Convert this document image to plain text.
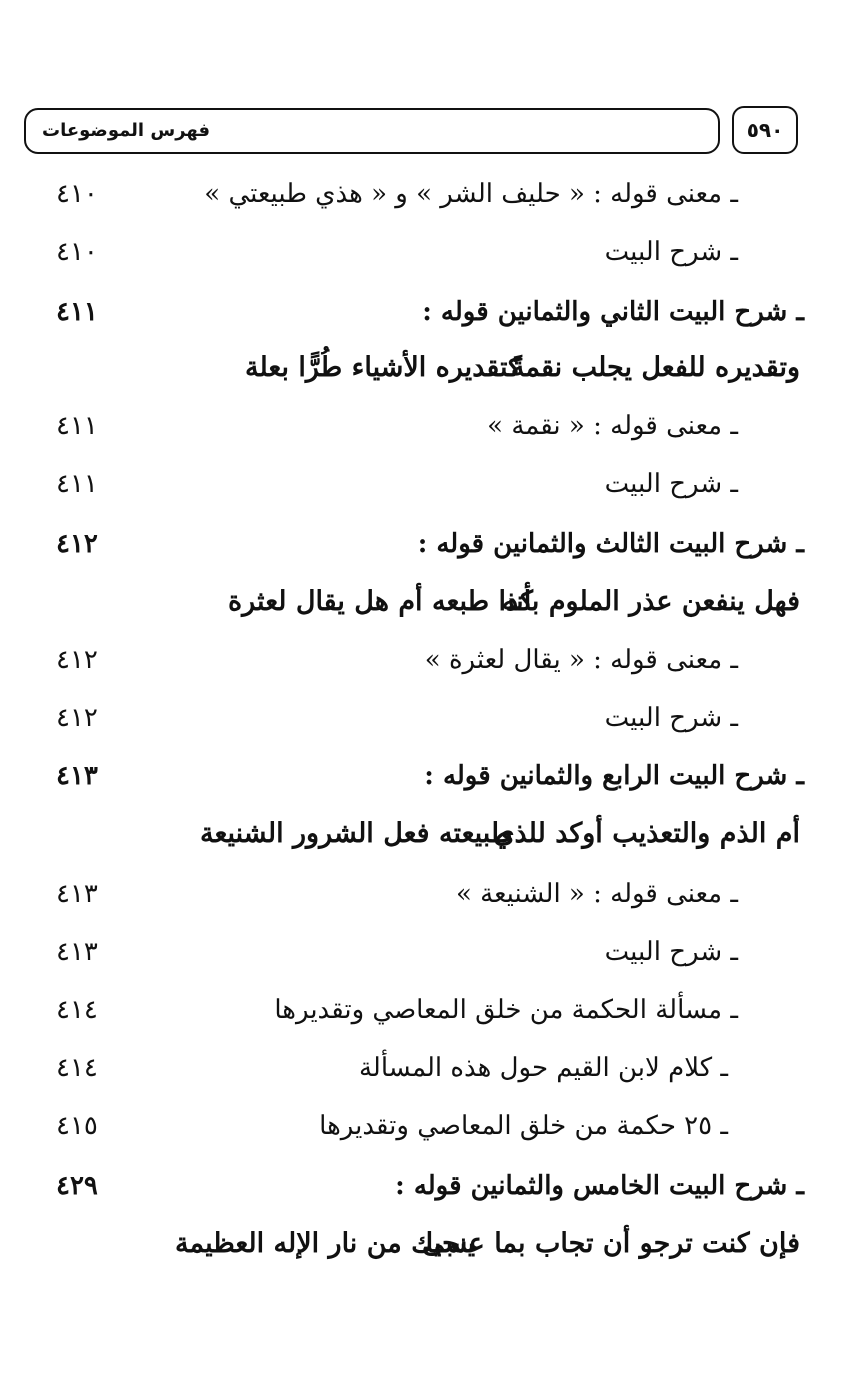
فهرس الموضوعات	٥٩٠
ـ معنى قوله : « حليف الشر » و « هذي طبيعتي »
٤١٠
ـ شرح البيت
٤١٠
ـ شرح البيت الثاني والثمانين قوله :
٤١١
وتقديره للفعل يجلب نقمةً
كتقديره الأشياء طُرًّا بعلة
ـ معنى قوله : « نقمة »
٤١١
ـ شرح البيت
٤١١
ـ شرح البيت الثالث والثمانين قوله :
٤١٢
فهل ينفعن عذر الملوم بأنه
كذا طبعه أم هل يقال لعثرة
ـ معنى قوله : « يقال لعثرة »
٤١٢
ـ شرح البيت
٤١٢
ـ شرح البيت الرابع والثمانين قوله :
٤١٣
أم الذم والتعذيب أوكد للذي
طبيعته فعل الشرور الشنيعة
ـ معنى قوله : « الشنيعة »
٤١٣
ـ شرح البيت
٤١٣
ـ مسألة الحكمة من خلق المعاصي وتقديرها
٤١٤
ـ كلام لابن القيم حول هذه المسألة
٤١٤
ـ ٢٥ حكمة من خلق المعاصي وتقديرها
٤١٥
ـ شرح البيت الخامس والثمانين قوله :
٤٢٩
فإن كنت ترجو أن تجاب بما عسى
ينجيك من نار الإله العظيمة
